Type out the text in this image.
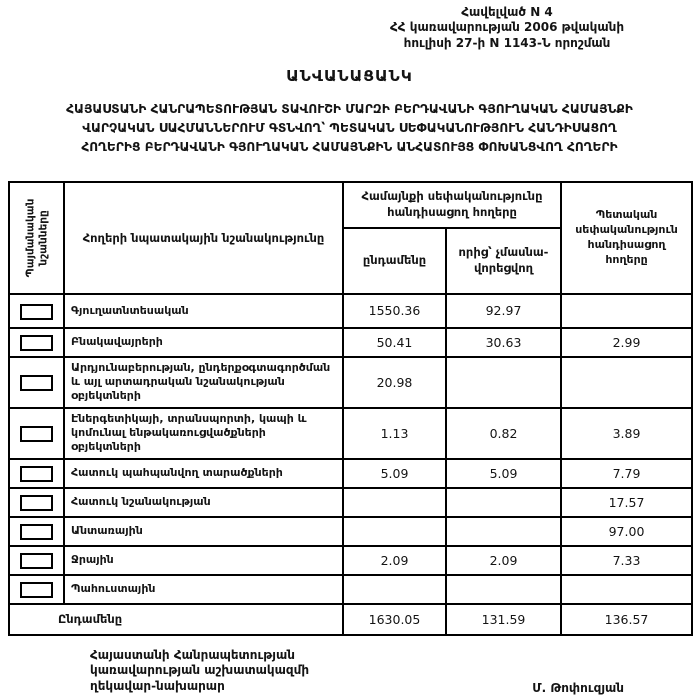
Հավելված N 4
ՀՀ կառավարության 2006 թվականի
հուլիսի 27-ի N 1143-Ն որոշման
ԱՆՎԱՆԱՑԱՆԿ
ՀԱՅԱՍՏԱՆԻ ՀԱՆՐԱՊԵՏՈՒԹՅԱՆ ՏԱՎՈՒՇԻ ՄԱՐԶԻ ԲԵՐԴԱՎԱՆԻ ԳՅՈՒՂԱԿԱՆ ՀԱՄԱՅՆՔԻ
ՎԱՐՉԱԿԱՆ ՍԱՀՄԱՆՆԵՐՈՒՄ ԳՏՆՎՈՂ՝ ՊԵՏԱԿԱՆ ՍԵՓԱԿԱՆՈՒԹՅՈՒՆ ՀԱՆԴԻՍԱՑՈՂ
ՀՈՂԵՐԻՑ ԲԵՐԴԱՎԱՆԻ ԳՅՈՒՂԱԿԱՆ ՀԱՄԱՅՆՔԻՆ ԱՆՀԱՏՈՒՅՑ ՓՈԽԱՆՑՎՈՂ ՀՈՂԵՐԻ
Պայմանական նշանները	Հողերի նպատակային նշանակությունը	Համայնքի սեփականությունը հանդիսացող հողերը		Պետական սեփականություն հանդիսացող հողերը
		ընդամենը	որից՝ չմասնա-վորեցվող	
	Գյուղատնտեսական	1550.36	92.97	
	Բնակավայրերի	50.41	30.63	2.99
	Արդյունաբերության, ընդերքօգտագործման և այլ արտադրական նշանակության օբյեկտների	20.98		
	Էներգետիկայի, տրանսպորտի, կապի և կոմունալ ենթակառուցվածքների օբյեկտների	1.13	0.82	3.89
	Հատուկ պահպանվող տարածքների	5.09	5.09	7.79
	Հատուկ նշանակության			17.57
	Անտառային			97.00
	Ջրային	2.09	2.09	7.33
	Պահուստային			
Ընդամենը		1630.05	131.59	136.57
Հայաստանի Հանրապետության
կառավարության աշխատակազմի
ղեկավար-նախարար	Մ. Թոփուզյան
